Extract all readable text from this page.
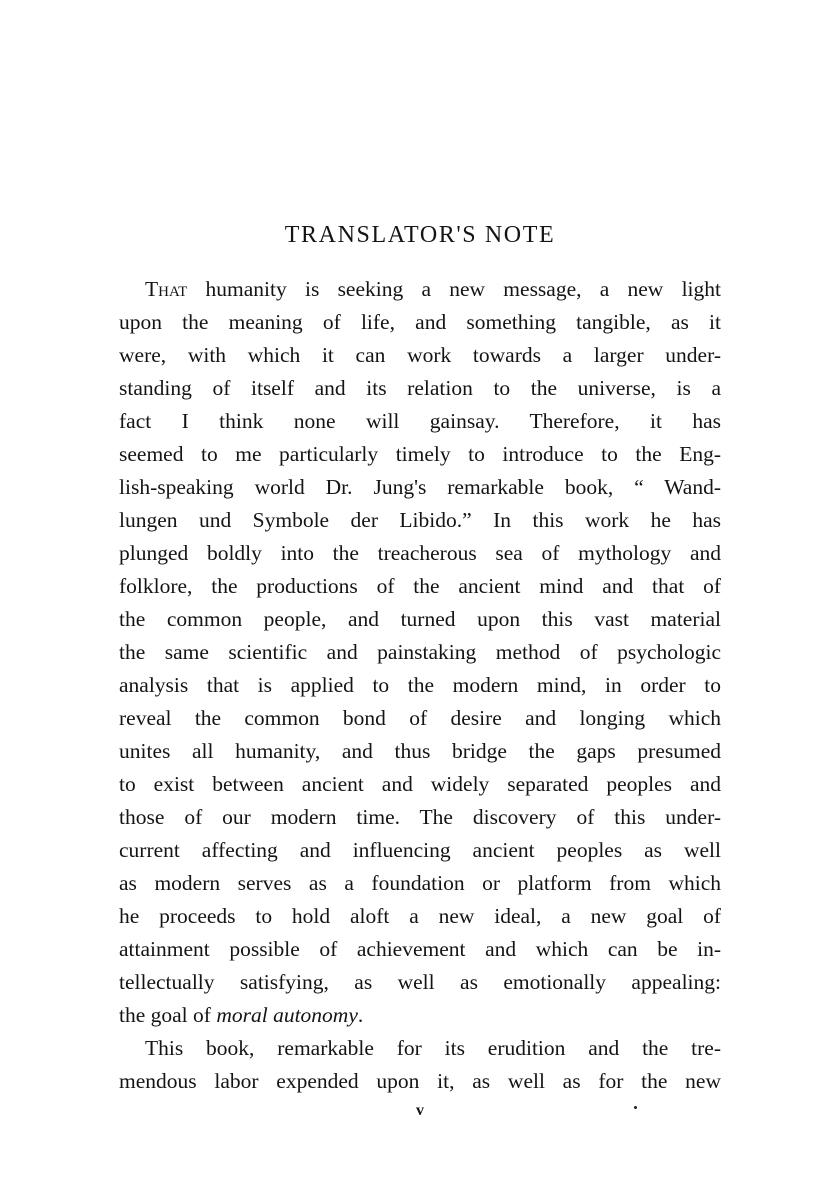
TRANSLATOR'S NOTE
That humanity is seeking a new message, a new light
upon the meaning of life, and something tangible, as it
were, with which it can work towards a larger under-
standing of itself and its relation to the universe, is a
fact I think none will gainsay. Therefore, it has
seemed to me particularly timely to introduce to the Eng-
lish-speaking world Dr. Jung's remarkable book, “ Wand-
lungen und Symbole der Libido.” In this work he has
plunged boldly into the treacherous sea of mythology and
folklore, the productions of the ancient mind and that of
the common people, and turned upon this vast material
the same scientific and painstaking method of psychologic
analysis that is applied to the modern mind, in order to
reveal the common bond of desire and longing which
unites all humanity, and thus bridge the gaps presumed
to exist between ancient and widely separated peoples and
those of our modern time. The discovery of this under-
current affecting and influencing ancient peoples as well
as modern serves as a foundation or platform from which
he proceeds to hold aloft a new ideal, a new goal of
attainment possible of achievement and which can be in-
tellectually satisfying, as well as emotionally appealing:
the goal of moral autonomy.
This book, remarkable for its erudition and the tre-
mendous labor expended upon it, as well as for the new
v
